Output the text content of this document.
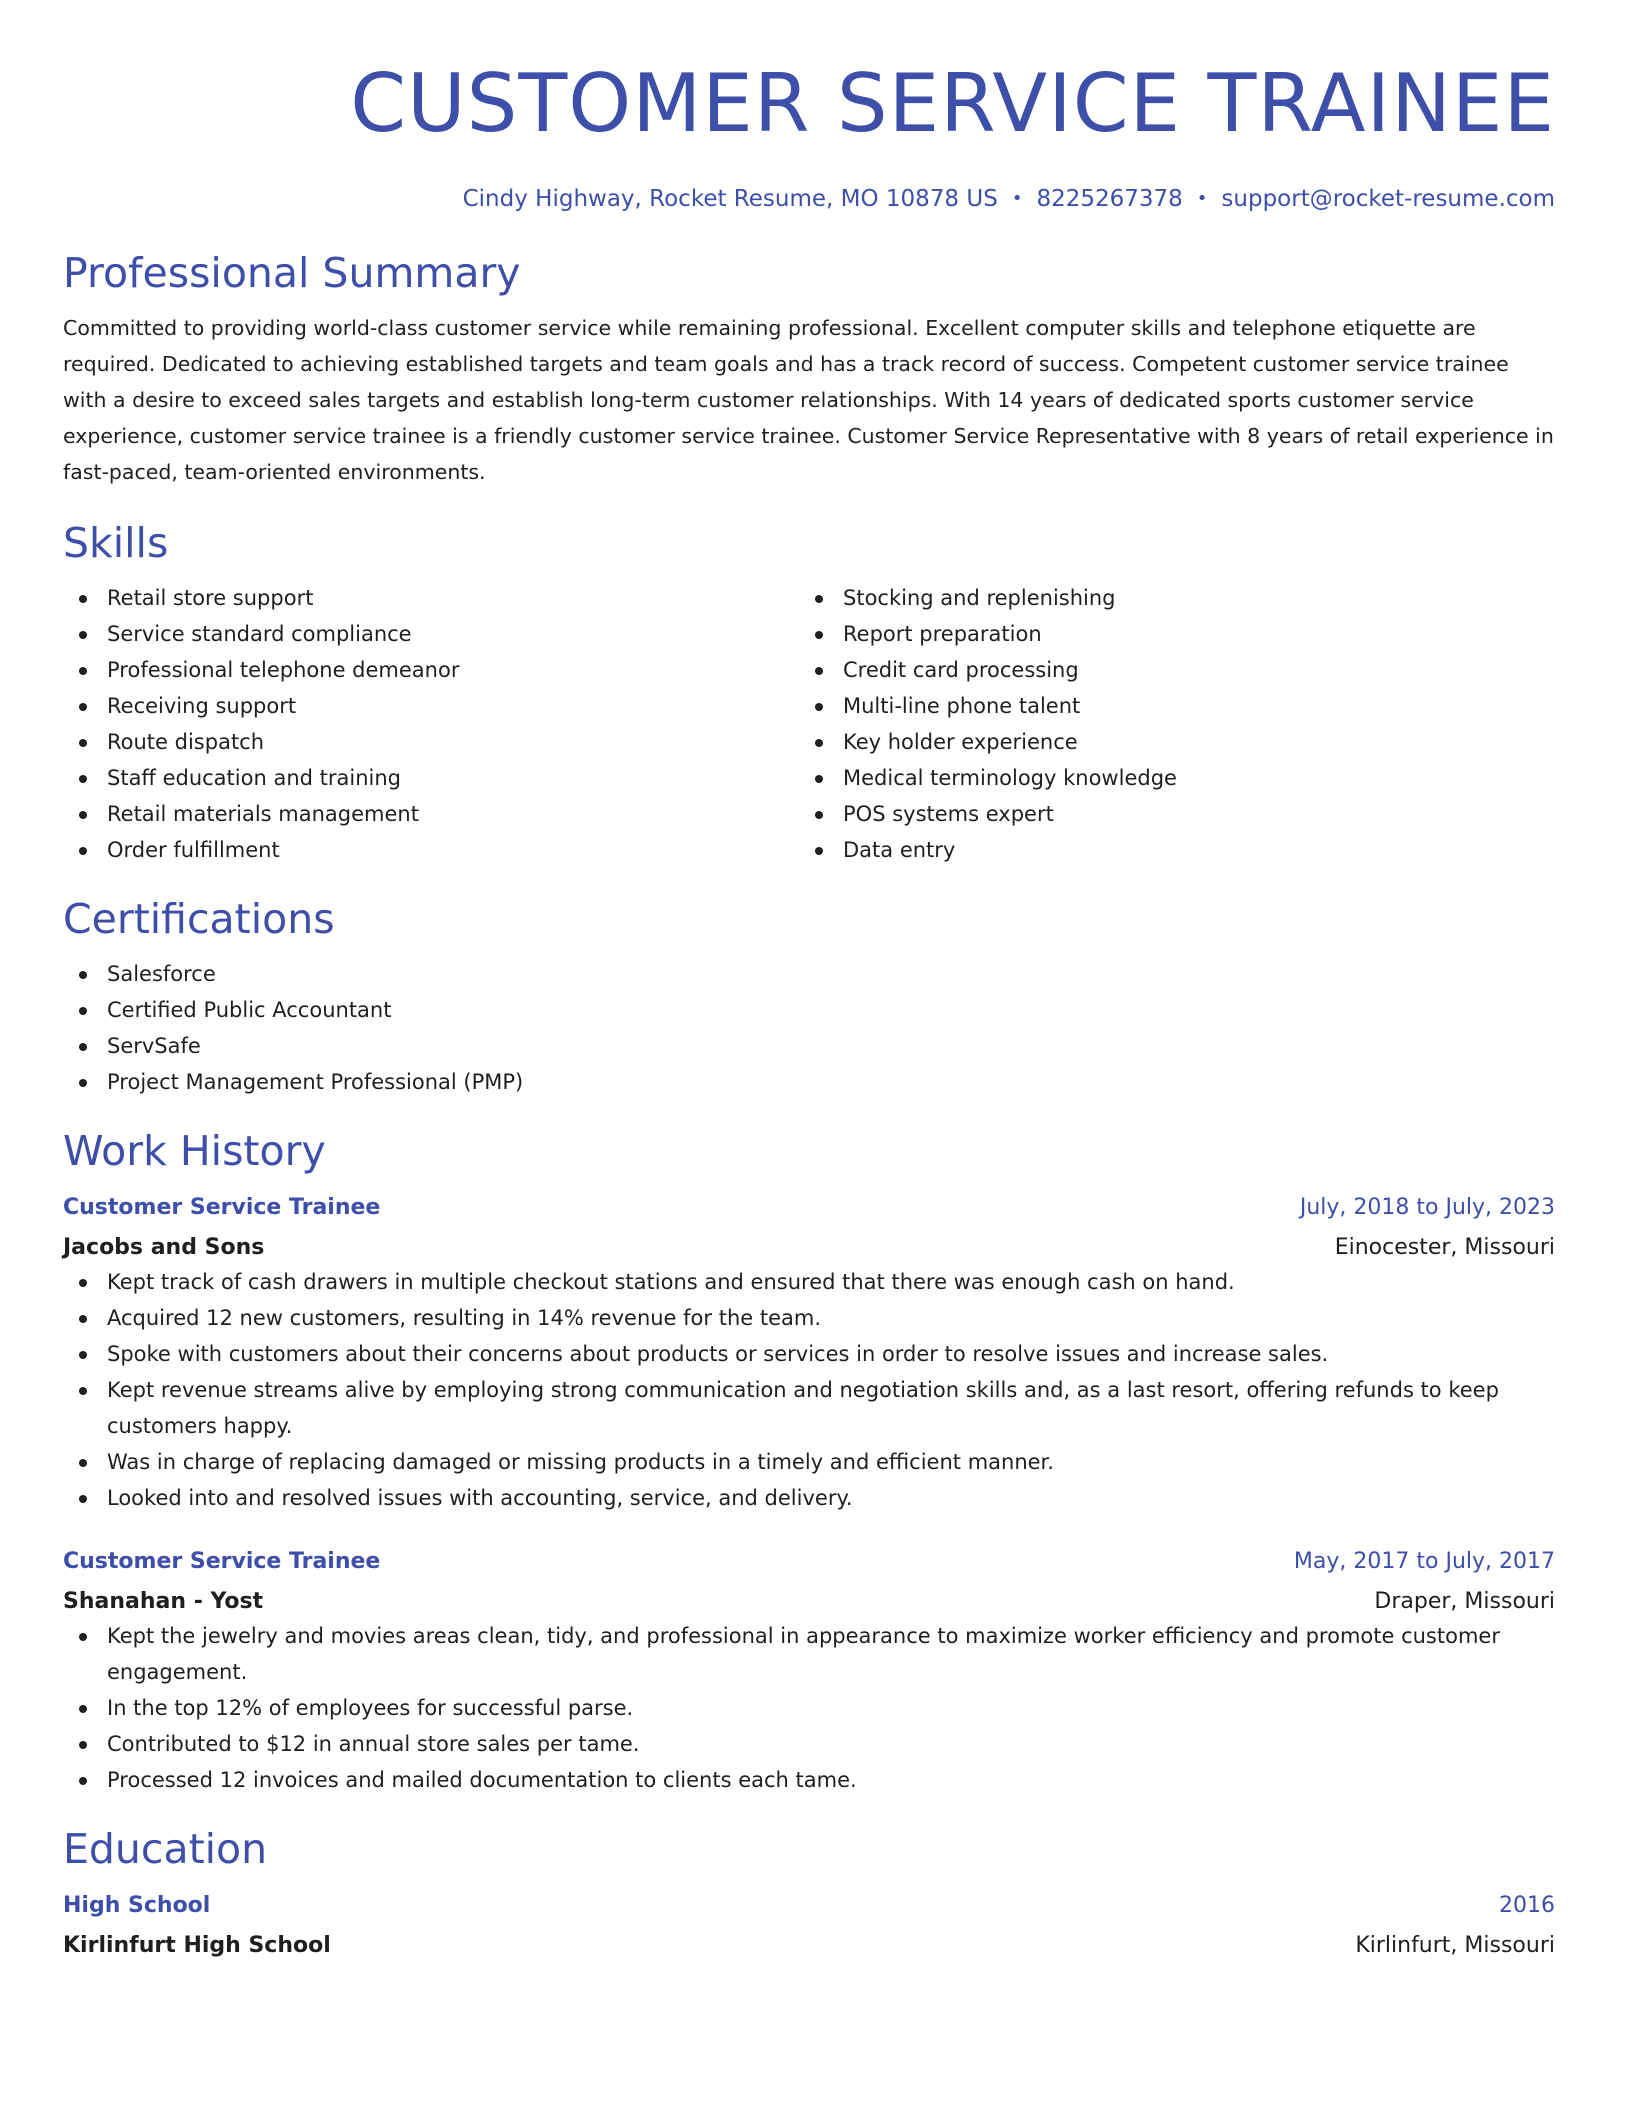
CUSTOMER SERVICE TRAINEE
Cindy Highway, Rocket Resume, MO 10878 US • 8225267378 • support@rocket-resume.com
Professional Summary
Committed to providing world-class customer service while remaining professional. Excellent computer skills and telephone etiquette are required. Dedicated to achieving established targets and team goals and has a track record of success. Competent customer service trainee with a desire to exceed sales targets and establish long-term customer relationships. With 14 years of dedicated sports customer service experience, customer service trainee is a friendly customer service trainee. Customer Service Representative with 8 years of retail experience in fast-paced, team-oriented environments.
Skills
Retail store support
Service standard compliance
Professional telephone demeanor
Receiving support
Route dispatch
Staff education and training
Retail materials management
Order fulfillment
Stocking and replenishing
Report preparation
Credit card processing
Multi-line phone talent
Key holder experience
Medical terminology knowledge
POS systems expert
Data entry
Certifications
Salesforce
Certified Public Accountant
ServSafe
Project Management Professional (PMP)
Work History
Customer Service Trainee	July, 2018 to July, 2023
Jacobs and Sons	Einocester, Missouri
Kept track of cash drawers in multiple checkout stations and ensured that there was enough cash on hand.
Acquired 12 new customers, resulting in 14% revenue for the team.
Spoke with customers about their concerns about products or services in order to resolve issues and increase sales.
Kept revenue streams alive by employing strong communication and negotiation skills and, as a last resort, offering refunds to keep customers happy.
Was in charge of replacing damaged or missing products in a timely and efficient manner.
Looked into and resolved issues with accounting, service, and delivery.
Customer Service Trainee	May, 2017 to July, 2017
Shanahan - Yost	Draper, Missouri
Kept the jewelry and movies areas clean, tidy, and professional in appearance to maximize worker efficiency and promote customer engagement.
In the top 12% of employees for successful parse.
Contributed to $12 in annual store sales per tame.
Processed 12 invoices and mailed documentation to clients each tame.
Education
High School	2016
Kirlinfurt High School	Kirlinfurt, Missouri
